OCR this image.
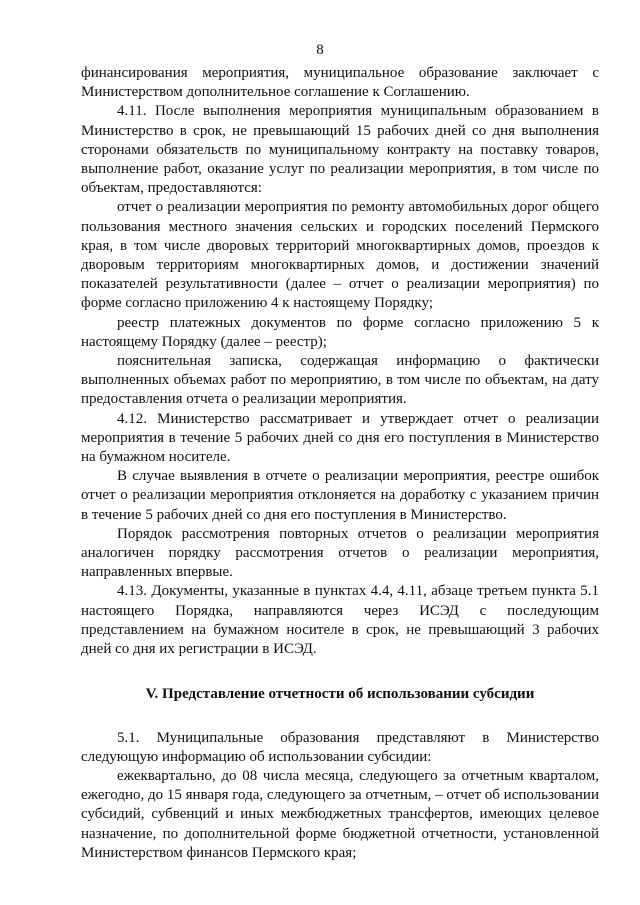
8

финансирования мероприятия, муниципальное образование заключает с Министерством дополнительное соглашение к Соглашению.

4.11. После выполнения мероприятия муниципальным образованием в Министерство в срок, не превышающий 15 рабочих дней со дня выполнения сторонами обязательств по муниципальному контракту на поставку товаров, выполнение работ, оказание услуг по реализации мероприятия, в том числе по объектам, предоставляются:

отчет о реализации мероприятия по ремонту автомобильных дорог общего пользования местного значения сельских и городских поселений Пермского края, в том числе дворовых территорий многоквартирных домов, проездов к дворовым территориям многоквартирных домов, и достижении значений показателей результативности (далее – отчет о реализации мероприятия) по форме согласно приложению 4 к настоящему Порядку;

реестр платежных документов по форме согласно приложению 5 к настоящему Порядку (далее – реестр);

пояснительная записка, содержащая информацию о фактически выполненных объемах работ по мероприятию, в том числе по объектам, на дату предоставления отчета о реализации мероприятия.

4.12. Министерство рассматривает и утверждает отчет о реализации мероприятия в течение 5 рабочих дней со дня его поступления в Министерство на бумажном носителе.

В случае выявления в отчете о реализации мероприятия, реестре ошибок отчет о реализации мероприятия отклоняется на доработку с указанием причин в течение 5 рабочих дней со дня его поступления в Министерство.

Порядок рассмотрения повторных отчетов о реализации мероприятия аналогичен порядку рассмотрения отчетов о реализации мероприятия, направленных впервые.

4.13. Документы, указанные в пунктах 4.4, 4.11, абзаце третьем пункта 5.1 настоящего Порядка, направляются через ИСЭД с последующим представлением на бумажном носителе в срок, не превышающий 3 рабочих дней со дня их регистрации в ИСЭД.

V. Представление отчетности об использовании субсидии

5.1. Муниципальные образования представляют в Министерство следующую информацию об использовании субсидии:

ежеквартально, до 08 числа месяца, следующего за отчетным кварталом, ежегодно, до 15 января года, следующего за отчетным, – отчет об использовании субсидий, субвенций и иных межбюджетных трансфертов, имеющих целевое назначение, по дополнительной форме бюджетной отчетности, установленной Министерством финансов Пермского края;
